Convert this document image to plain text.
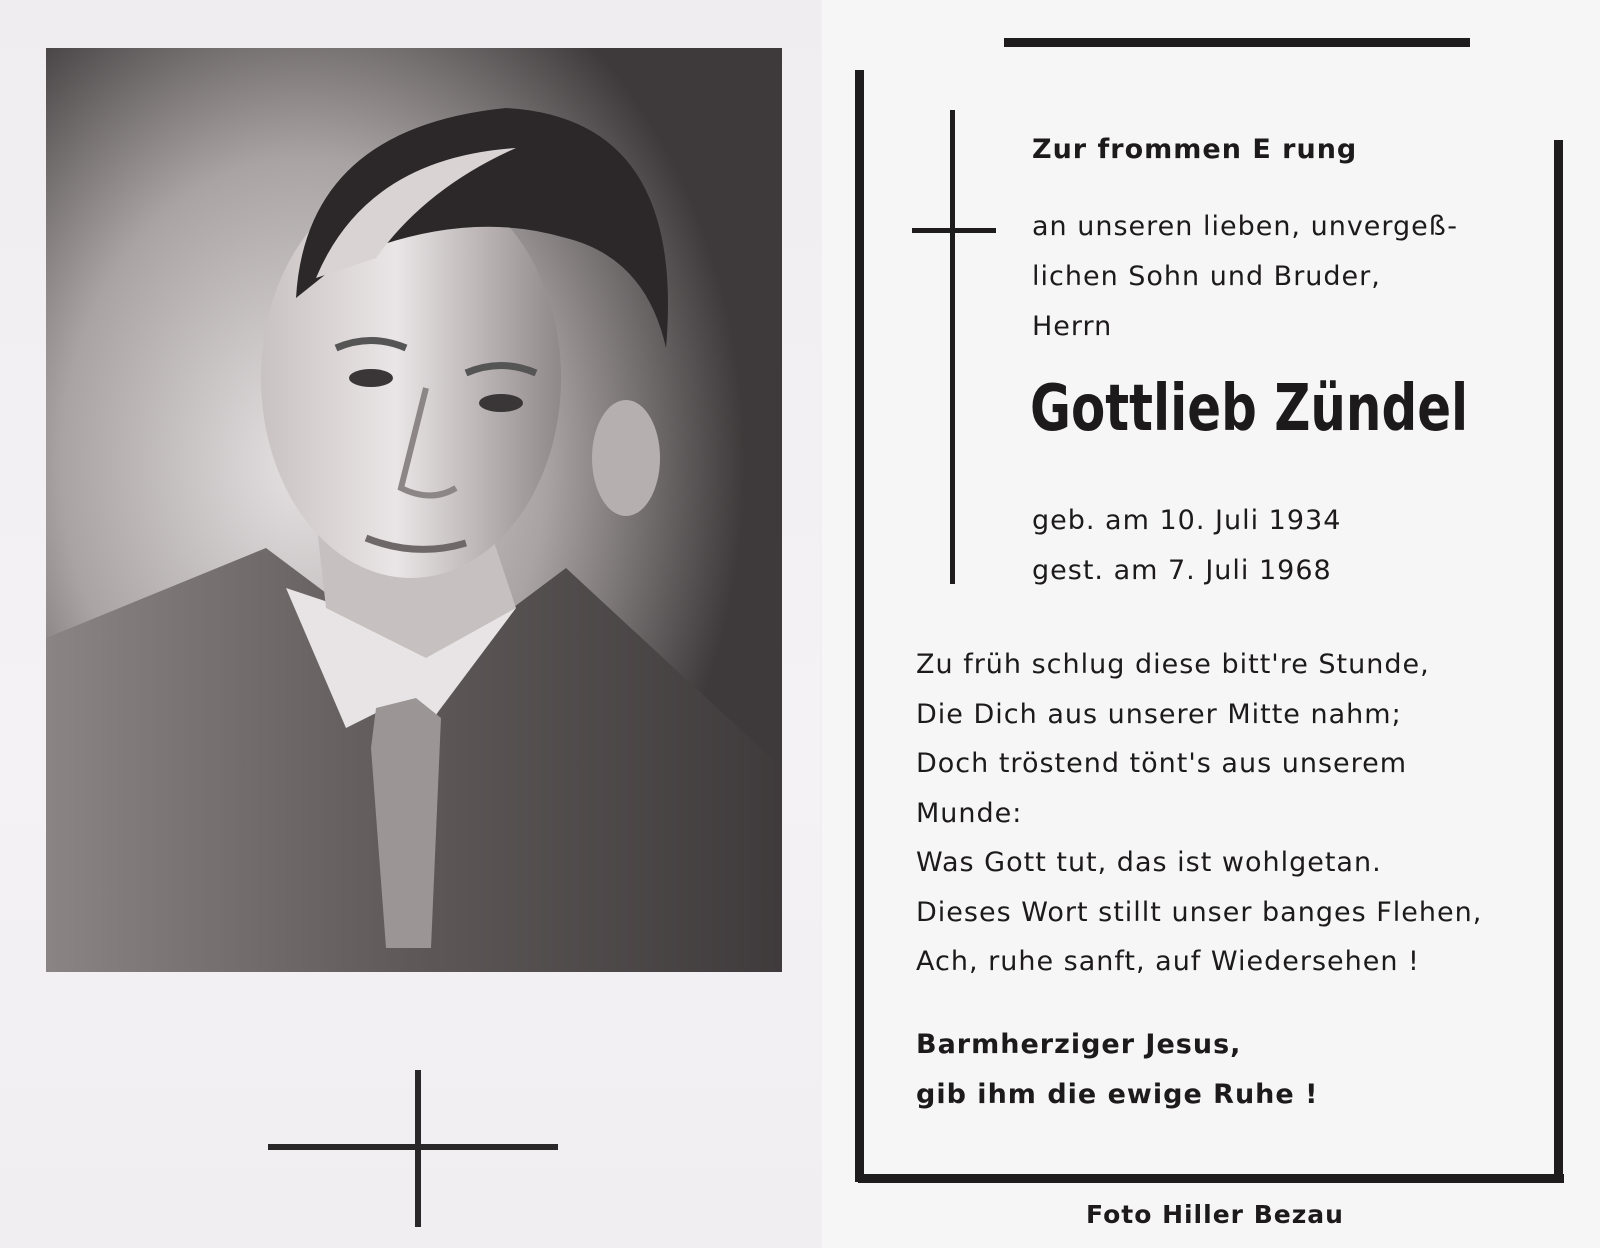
Zur frommen E rung
an unseren lieben, unvergeß-
lichen Sohn und Bruder,
Herrn
Gottlieb Zündel
geb. am 10. Juli 1934
gest. am 7. Juli 1968
Zu früh schlug diese bitt're Stunde,
Die Dich aus unserer Mitte nahm;
Doch tröstend tönt's aus unserem
Munde:
Was Gott tut, das ist wohlgetan.
Dieses Wort stillt unser banges Flehen,
Ach, ruhe sanft, auf Wiedersehen !
Barmherziger Jesus,
gib ihm die ewige Ruhe !
Foto Hiller Bezau
